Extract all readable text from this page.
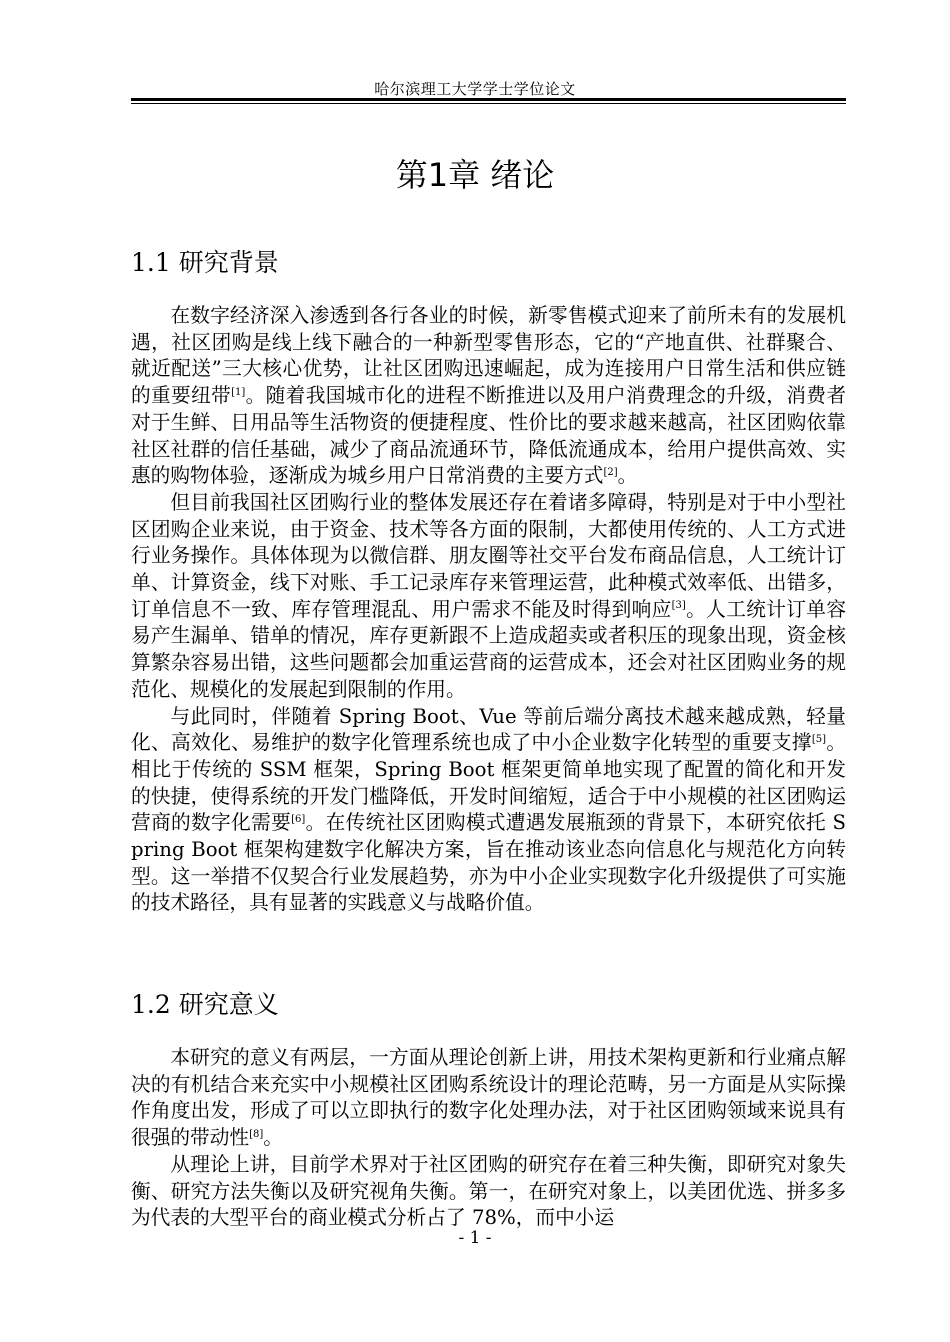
哈尔滨理工大学学士学位论文
第1章 绪论
1.1 研究背景

在数字经济深入渗透到各行各业的时候，新零售模式迎来了前所未有的发展机遇，社区团购是线上线下融合的一种新型零售形态，它的“产地直供、社群聚合、就近配送”三大核心优势，让社区团购迅速崛起，成为连接用户日常生活和供应链的重要纽带[1]。随着我国城市化的进程不断推进以及用户消费理念的升级，消费者对于生鲜、日用品等生活物资的便捷程度、性价比的要求越来越高，社区团购依靠社区社群的信任基础，减少了商品流通环节，降低流通成本，给用户提供高效、实惠的购物体验，逐渐成为城乡用户日常消费的主要方式[2]。

但目前我国社区团购行业的整体发展还存在着诸多障碍，特别是对于中小型社区团购企业来说，由于资金、技术等各方面的限制，大都使用传统的、人工方式进行业务操作。具体体现为以微信群、朋友圈等社交平台发布商品信息，人工统计订单、计算资金，线下对账、手工记录库存来管理运营，此种模式效率低、出错多，订单信息不一致、库存管理混乱、用户需求不能及时得到响应[3]。人工统计订单容易产生漏单、错单的情况，库存更新跟不上造成超卖或者积压的现象出现，资金核算繁杂容易出错，这些问题都会加重运营商的运营成本，还会对社区团购业务的规范化、规模化的发展起到限制的作用。

与此同时，伴随着 Spring Boot、Vue 等前后端分离技术越来越成熟，轻量化、高效化、易维护的数字化管理系统也成了中小企业数字化转型的重要支撑[5]。相比于传统的 SSM 框架，Spring Boot 框架更简单地实现了配置的简化和开发的快捷，使得系统的开发门槛降低，开发时间缩短，适合于中小规模的社区团购运营商的数字化需要[6]。在传统社区团购模式遭遇发展瓶颈的背景下，本研究依托 Spring Boot 框架构建数字化解决方案，旨在推动该业态向信息化与规范化方向转型。这一举措不仅契合行业发展趋势，亦为中小企业实现数字化升级提供了可实施的技术路径，具有显著的实践意义与战略价值。

1.2 研究意义

本研究的意义有两层，一方面从理论创新上讲，用技术架构更新和行业痛点解决的有机结合来充实中小规模社区团购系统设计的理论范畴，另一方面是从实际操作角度出发，形成了可以立即执行的数字化处理办法，对于社区团购领域来说具有很强的带动性[8]。

从理论上讲，目前学术界对于社区团购的研究存在着三种失衡，即研究对象失衡、研究方法失衡以及研究视角失衡。第一，在研究对象上，以美团优选、拼多多为代表的大型平台的商业模式分析占了 78%，而中小运

- 1 -
